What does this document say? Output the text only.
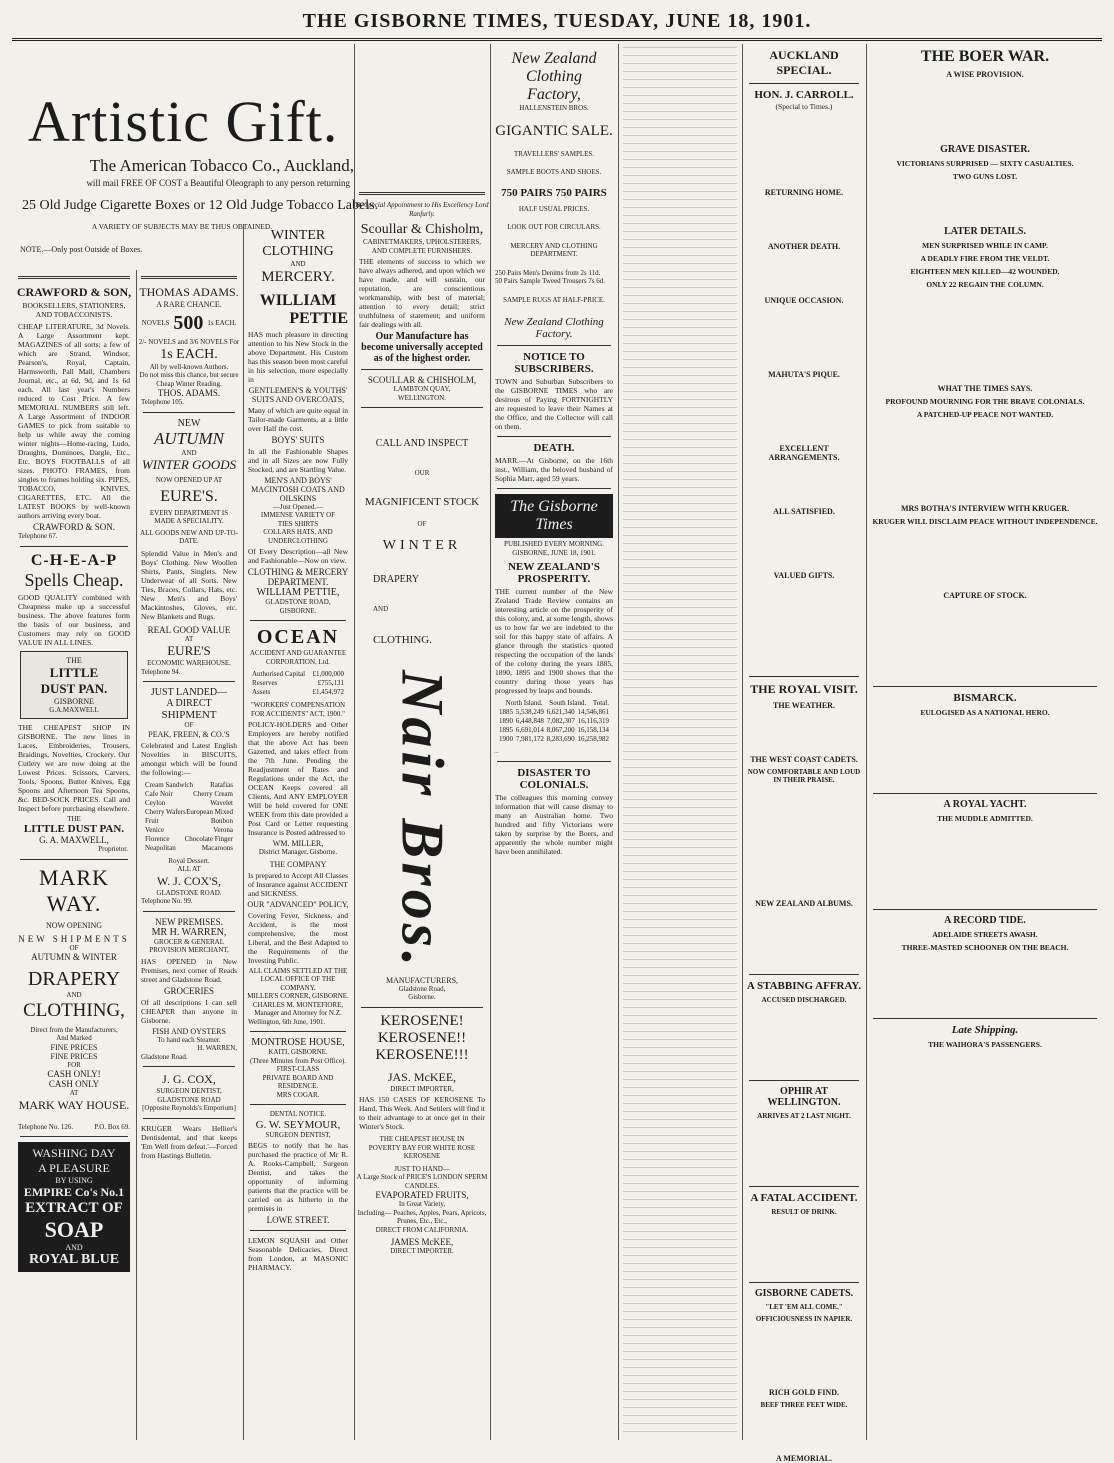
THE GISBORNE TIMES, TUESDAY, JUNE 18, 1901.
Artistic Gift.
The American Tobacco Co., Auckland,
will mail FREE OF COST a Beautiful Oleograph to any person returning
25 Old Judge Cigarette Boxes or 12 Old Judge Tobacco Labels.
A VARIETY OF SUBJECTS MAY BE THUS OBTAINED.
NOTE.—Only post Outside of Boxes.
CRAWFORD & SON,
BOOKSELLERS, STATIONERS, AND TOBACCONISTS.

CHEAP LITERATURE, 3d Novels. A Large Assortment kept. MAGAZINES of all sorts; a few of which are Strand, Windsor, Pearson's, Royal, Captain, Harmsworth, Pall Mall, Chambers Journal, etc., at 6d, 9d, and 1s 6d each. All last year's Numbers reduced to Cost Price. A few MEMORIAL NUMBERS still left. A Large Assortment of INDOOR GAMES to pick from suitable to help us while away the coming winter nights—Home-racing, Ludo, Draughts, Dominoes, Dargle, Etc., Etc. BOYS FOOTBALLS of all sizes. PHOTO FRAMES, from singles to frames holding six. PIPES, TOBACCO, KNIVES, CIGARETTES, ETC. All the LATEST BOOKS by well-known authors arriving every boat.

CRAWFORD & SON.
Telephone 67.
C-H-E-A-P
Spells Cheap.

GOOD QUALITY combined with Cheapness make up a successful business. The above features form the basis of our business, and Customers may rely on GOOD VALUE IN ALL LINES.

THE
LITTLE
DUST PAN.
GISBORNE
G.A.MAXWELL

THE CHEAPEST SHOP IN GISBORNE. The new lines in Laces, Embroideries, Trousers, Braidings, Novelties, Crockery. Our Cutlery we are now doing at the Lowest Prices. Scissors, Carvers, Tools, Spoons, Butter Knives, Egg Spoons and Afternoon Tea Spoons, &c. BED-SOCK PRICES. Call and Inspect before purchasing elsewhere.

THE
LITTLE DUST PAN.
G. A. MAXWELL,
Proprietor.
MARK WAY.
NOW OPENING
NEW SHIPMENTS
OF
AUTUMN & WINTER
DRAPERY
AND
CLOTHING,
Direct from the Manufacturers,
And Marked
FINE PRICES
FINE PRICES
FOR
CASH ONLY!
CASH ONLY
AT
MARK WAY HOUSE.
Telephone No. 126.	P.O. Box 69.
WASHING DAY
A PLEASURE
BY USING
EMPIRE Co's No.1
EXTRACT OF
SOAP
AND
ROYAL BLUE
THOMAS ADAMS.
A RARE CHANCE.
NOVELS 500 1s EACH.
2/- NOVELS and 3/6 NOVELS For
1s EACH.
All by well-known Authors.
Do not miss this chance, but secure Cheap Winter Reading.
THOS. ADAMS.
Telephone 105.
NEW
AUTUMN
AND
WINTER GOODS
NOW OPENED UP AT
EURE'S.
EVERY DEPARTMENT IS MADE A SPECIALITY.
ALL GOODS NEW AND UP-TO-DATE.

Splendid Value in Men's and Boys' Clothing. New Woollen Shirts, Pants, Singlets. New Underwear of all Sorts. New Ties, Braces, Collars, Hats, etc. New Men's and Boys' Mackintoshes, Gloves, etc. New Blankets and Rugs.

REAL GOOD VALUE
AT
EURE'S
ECONOMIC WAREHOUSE.
Telephone 94.
JUST LANDED—
A DIRECT
SHIPMENT
OF
PEAK, FREEN, & CO.'S

Celebrated and Latest English Novelties in BISCUITS, amongst which will be found the following:—

Cream Sandwich Ratafias
Cafe Noir	Cherry Cream
Ceylon	Wavelet
Cherry Wafers European Mixed
Fruit	Bonbon
Venice	Verona
Florence Chocolate Finger
Neapolitan	Macaroons
Royal Dessert.
ALL AT
W. J. COX'S,
GLADSTONE ROAD.
Telephone No. 99.
NEW PREMISES.
MR H. WARREN,
GROCER & GENERAL PROVISION MERCHANT,

HAS OPENED in New Premises, next corner of Reads street and Gladstone Road.

GROCERIES

Of all descriptions I can sell CHEAPER than anyone in Gisborne.

FISH AND OYSTERS
To hand each Steamer.
H. WARREN,
Gladstone Road.
J. G. COX,
SURGEON DENTIST,
GLADSTONE ROAD
[Opposite Reynolds's Emporium]

KRUGER Wears Hellier's Dentisdental, and that keeps 'Em Well from defeat.'—Forced from Hastings Bulletin.

WINTER CLOTHING
AND
MERCERY.
WILLIAM
PETTIE

HAS much pleasure in directing attention to his New Stock in the above Department. His Custom has this season been most careful in his selection, more especially in

GENTLEMEN'S & YOUTHS' SUITS AND OVERCOATS,

Many of which are quite equal in Tailor-made Garments, at a little over Half the cost.

BOYS' SUITS

In all the Fashionable Shapes and in all Sizes are now Fully Stocked, and are Startling Value.

MEN'S AND BOYS' MACINTOSH COATS AND OILSKINS
—Just Opened.—
IMMENSE VARIETY OF
TIES SHIRTS
COLLARS HATS, AND
UNDERCLOTHING

Of Every Description—all New and Fashionable—Now on view.

CLOTHING & MERCERY DEPARTMENT.
WILLIAM PETTIE,
GLADSTONE ROAD,
GISBORNE.
OCEAN
ACCIDENT AND GUARANTEE CORPORATION, Ltd.
Authorised Capital £1,000,000
Reserves	£755,131
Assets	£1,454,972
"WORKERS' COMPENSATION FOR ACCIDENTS" ACT, 1900."

POLICY-HOLDERS and Other Employers are hereby notified that the above Act has been Gazetted, and takes effect from the 7th June. Pending the Readjustment of Rates and Regulations under the Act, the OCEAN Keeps covered all Clients, And ANY EMPLOYER Will be held covered for ONE WEEK from this date provided a Post Card or Letter requesting Insurance is Posted addressed to

WM. MILLER,
District Manager, Gisborne.
THE COMPANY

Is prepared to Accept All Classes of Insurance against ACCIDENT and SICKNESS.

OUR "ADVANCED" POLICY,

Covering Fever, Sickness, and Accident, is the most comprehensive, the most Liberal, and the Best Adapted to the Requirements of the Investing Public.

ALL CLAIMS SETTLED AT THE LOCAL OFFICE OF THE COMPANY.
MILLER'S CORNER, GISBORNE.
CHARLES M. MONTEFIORE,
Manager and Attorney for N.Z.
Wellington, 6th June, 1901.
MONTROSE HOUSE,
KAITI, GISBORNE.
(Three Minutes from Post Office).
FIRST-CLASS
PRIVATE BOARD AND RESIDENCE.
MRS COGAR.
DENTAL NOTICE.
G. W. SEYMOUR,
SURGEON DENTIST,

BEGS to notify that he has purchased the practice of Mr R. A. Rooks-Campbell, Surgeon Dentist, and takes the opportunity of informing patients that the practice will be carried on as hitherto in the premises in

LOWE STREET.

LEMON SQUASH and Other Seasonable Delicacies, Direct from London, at MASONIC PHARMACY.

By Special Appointment to His Excellency Lord Ranfurly.
Scoullar & Chisholm,
CABINETMAKERS, UPHOLSTERERS, AND COMPLETE FURNISHERS.

THE elements of success to which we have always adhered, and upon which we have made, and will sustain, our reputation, are conscientious workmanship, with best of material; attention to every detail; strict truthfulness of statement; and uniform fair dealings with all.

Our Manufacture has become universally accepted as of the highest order.
SCOULLAR & CHISHOLM,
LAMBTON QUAY,
WELLINGTON.
CALL AND INSPECT
OUR
MAGNIFICENT STOCK
OF
WINTER
DRAPERY
AND
CLOTHING.
Nair Bros.
MANUFACTURERS,
Gladstone Road,
Gisborne.
KEROSENE!
KEROSENE!!
KEROSENE!!!
JAS. McKEE,
DIRECT IMPORTER,

HAS 150 CASES OF KEROSENE To Hand, This Week. And Settlers will find it to their advantage to at once get in their Winter's Stock.

THE CHEAPEST HOUSE IN POVERTY BAY FOR WHITE ROSE KEROSENE
JUST TO HAND—
A Large Stock of PRICE'S LONDON SPERM CANDLES.
EVAPORATED FRUITS,
In Great Variety,
Including— Peaches, Apples, Pears, Apricots, Prunes, Etc., Etc.,
DIRECT FROM CALIFORNIA.
JAMES McKEE,
DIRECT IMPORTER.
New Zealand Clothing
Factory,
HALLENSTEIN BROS.
GIGANTIC SALE.
TRAVELLERS' SAMPLES.
SAMPLE BOOTS AND SHOES.
750 PAIRS 750 PAIRS
HALF USUAL PRICES.
LOOK OUT FOR CIRCULARS.
MERCERY AND CLOTHING DEPARTMENT.
250 Pairs Men's Denims from 2s 11d.
50 Pairs Sample Tweed Trousers 7s 6d.
SAMPLE RUGS AT HALF-PRICE.
New Zealand Clothing Factory.
NOTICE TO SUBSCRIBERS.

TOWN and Suburban Subscribers to the GISBORNE TIMES who are desirous of Paying FORTNIGHTLY are requested to leave their Names at the Office, and the Collector will call on them.

DEATH.

MARR.—At Gisborne, on the 16th inst., William, the beloved husband of Sophia Marr, aged 59 years.

The Gisborne Times
PUBLISHED EVERY MORNING.
GISBORNE, JUNE 18, 1901.
NEW ZEALAND'S PROSPERITY.

THE current number of the New Zealand Trade Review contains an interesting article on the prosperity of this colony, and, at some length, shows us to how far we are indebted to the soil for this happy state of affairs. A glance through the statistics quoted respecting the occupation of the lands of the colony during the years 1885, 1890, 1895 and 1900 shows that the country during those years has progressed by leaps and bounds.

North Island. South Island. Total.
1885 5,538,249 6,621,340 14,546,861
1890 6,448,848 7,082,307 16,116,319
1895 6,691,014 8,067,200 16,158,134
1900 7,981,172 8,283,690 16,258,982

...

DISASTER TO COLONIALS.

The colleagues this morning convey information that will cause dismay to many an Australian home. Two hundred and fifty Victorians were taken by surprise by the Boers, and apparently the whole number might have been annihilated.

AUCKLAND SPECIAL.
HON. J. CARROLL.
(Special to Times.)
RETURNING HOME.
ANOTHER DEATH.
UNIQUE OCCASION.
MAHUTA'S PIQUE.
EXCELLENT ARRANGEMENTS.
ALL SATISFIED.
VALUED GIFTS.
THE ROYAL VISIT.
THE WEATHER.
THE WEST COAST CADETS.
NOW COMFORTABLE AND LOUD IN THEIR PRAISE.
NEW ZEALAND ALBUMS.
A STABBING AFFRAY.
ACCUSED DISCHARGED.
OPHIR AT WELLINGTON.
ARRIVES AT 2 LAST NIGHT.
A FATAL ACCIDENT.
RESULT OF DRINK.
GISBORNE CADETS.
"LET 'EM ALL COME."
OFFICIOUSNESS IN NAPIER.
RICH GOLD FIND.
BEEF THREE FEET WIDE.
A MEMORIAL.
THE BOER WAR.
A WISE PROVISION.
GRAVE DISASTER.
VICTORIANS SURPRISED — SIXTY CASUALTIES.
TWO GUNS LOST.
LATER DETAILS.
MEN SURPRISED WHILE IN CAMP.
A DEADLY FIRE FROM THE VELDT.
EIGHTEEN MEN KILLED—42 WOUNDED.
ONLY 22 REGAIN THE COLUMN.
WHAT THE TIMES SAYS.
PROFOUND MOURNING FOR THE BRAVE COLONIALS.
A PATCHED-UP PEACE NOT WANTED.
MRS BOTHA'S INTERVIEW WITH KRUGER.
KRUGER WILL DISCLAIM PEACE WITHOUT INDEPENDENCE.
CAPTURE OF STOCK.
BISMARCK.
EULOGISED AS A NATIONAL HERO.
A ROYAL YACHT.
THE MUDDLE ADMITTED.
A RECORD TIDE.
ADELAIDE STREETS AWASH.
THREE-MASTED SCHOONER ON THE BEACH.
Late Shipping.
THE WAIHORA'S PASSENGERS.
